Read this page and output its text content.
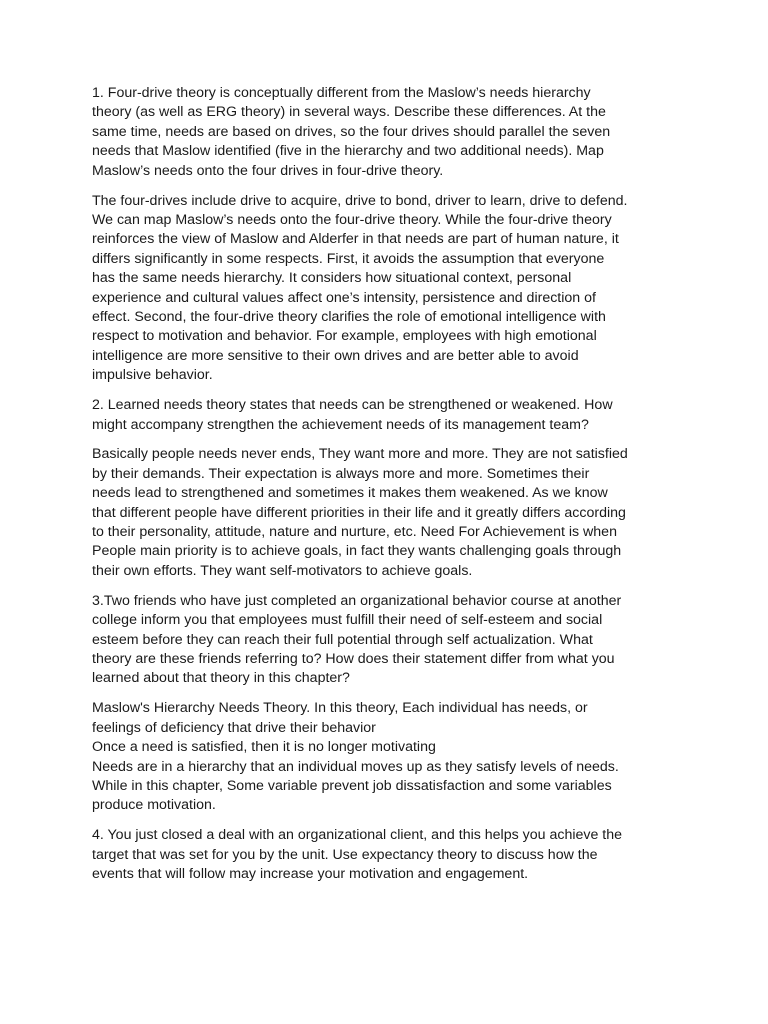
1. Four-drive theory is conceptually different from the Maslow’s needs hierarchy
theory (as well as ERG theory) in several ways. Describe these differences. At the
same time, needs are based on drives, so the four drives should parallel the seven
needs that Maslow identified (five in the hierarchy and two additional needs). Map
Maslow’s needs onto the four drives in four-drive theory.

The four-drives include drive to acquire, drive to bond, driver to learn, drive to defend.
We can map Maslow’s needs onto the four-drive theory. While the four-drive theory
reinforces the view of Maslow and Alderfer in that needs are part of human nature, it
differs significantly in some respects. First, it avoids the assumption that everyone
has the same needs hierarchy. It considers how situational context, personal
experience and cultural values affect one’s intensity, persistence and direction of
effect. Second, the four-drive theory clarifies the role of emotional intelligence with
respect to motivation and behavior. For example, employees with high emotional
intelligence are more sensitive to their own drives and are better able to avoid
impulsive behavior.

2. Learned needs theory states that needs can be strengthened or weakened. How
might accompany strengthen the achievement needs of its management team?

Basically people needs never ends, They want more and more. They are not satisfied
by their demands. Their expectation is always more and more. Sometimes their
needs lead to strengthened and sometimes it makes them weakened. As we know
that different people have different priorities in their life and it greatly differs according
to their personality, attitude, nature and nurture, etc. Need For Achievement is when
People main priority is to achieve goals, in fact they wants challenging goals through
their own efforts. They want self-motivators to achieve goals.

3.Two friends who have just completed an organizational behavior course at another
college inform you that employees must fulfill their need of self-esteem and social
esteem before they can reach their full potential through self actualization. What
theory are these friends referring to? How does their statement differ from what you
learned about that theory in this chapter?

Maslow's Hierarchy Needs Theory. In this theory, Each individual has needs, or
feelings of deficiency that drive their behavior
Once a need is satisfied, then it is no longer motivating
Needs are in a hierarchy that an individual moves up as they satisfy levels of needs.
While in this chapter, Some variable prevent job dissatisfaction and some variables
produce motivation.

4. You just closed a deal with an organizational client, and this helps you achieve the
target that was set for you by the unit. Use expectancy theory to discuss how the
events that will follow may increase your motivation and engagement.
